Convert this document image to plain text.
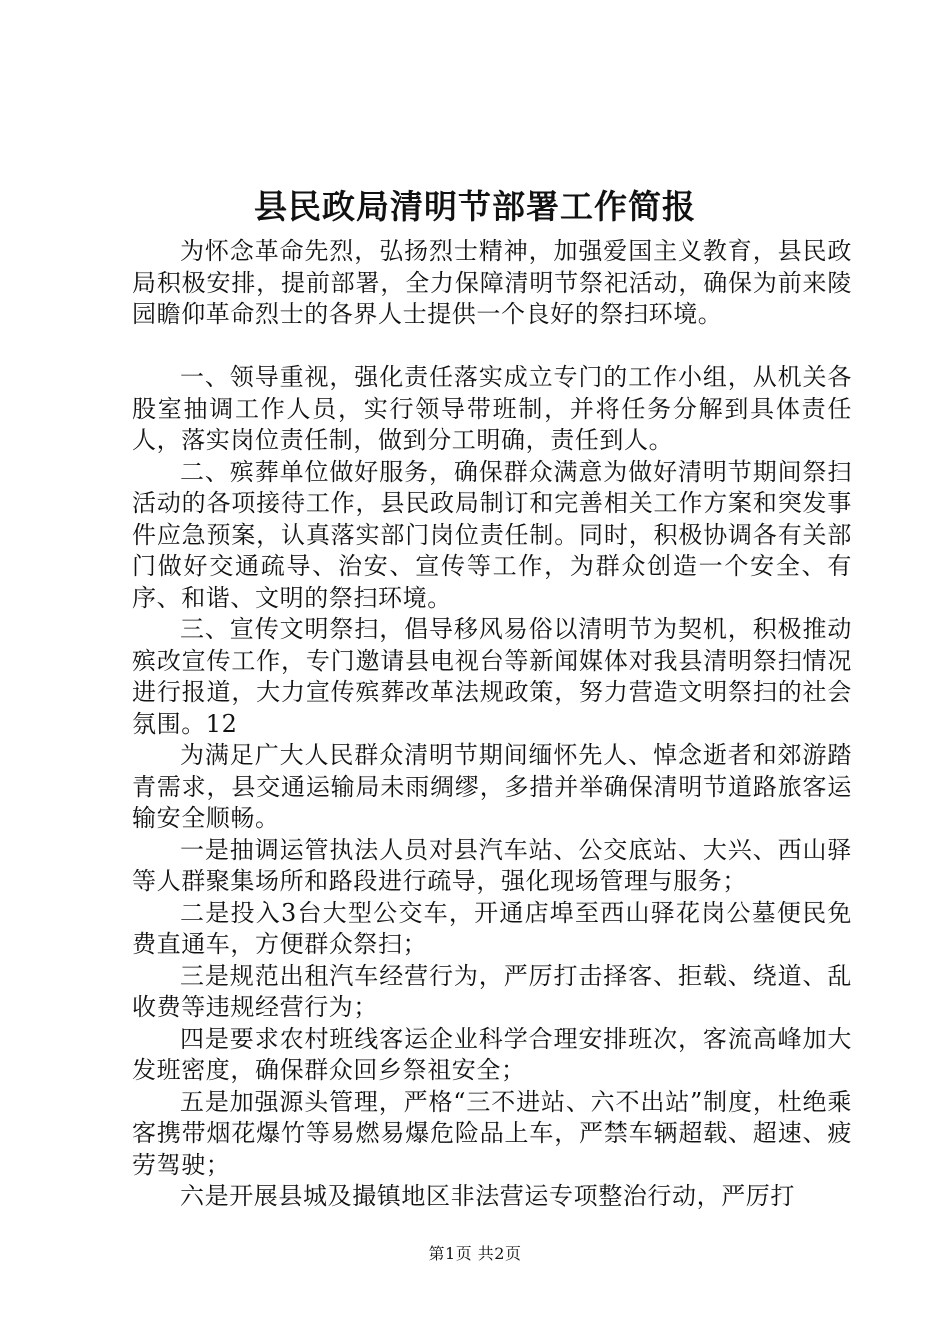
县民政局清明节部署工作简报

为怀念革命先烈，弘扬烈士精神，加强爱国主义教育，县民政局积极安排，提前部署，全力保障清明节祭祀活动，确保为前来陵园瞻仰革命烈士的各界人士提供一个良好的祭扫环境。

一、领导重视，强化责任落实成立专门的工作小组，从机关各股室抽调工作人员，实行领导带班制，并将任务分解到具体责任人，落实岗位责任制，做到分工明确，责任到人。

二、殡葬单位做好服务，确保群众满意为做好清明节期间祭扫活动的各项接待工作，县民政局制订和完善相关工作方案和突发事件应急预案，认真落实部门岗位责任制。同时，积极协调各有关部门做好交通疏导、治安、宣传等工作，为群众创造一个安全、有序、和谐、文明的祭扫环境。

三、宣传文明祭扫，倡导移风易俗以清明节为契机，积极推动殡改宣传工作，专门邀请县电视台等新闻媒体对我县清明祭扫情况进行报道，大力宣传殡葬改革法规政策，努力营造文明祭扫的社会氛围。12

为满足广大人民群众清明节期间缅怀先人、悼念逝者和郊游踏青需求，县交通运输局未雨绸缪，多措并举确保清明节道路旅客运输安全顺畅。

一是抽调运管执法人员对县汽车站、公交底站、大兴、西山驿等人群聚集场所和路段进行疏导，强化现场管理与服务；

二是投入3台大型公交车，开通店埠至西山驿花岗公墓便民免费直通车，方便群众祭扫；

三是规范出租汽车经营行为，严厉打击择客、拒载、绕道、乱收费等违规经营行为；

四是要求农村班线客运企业科学合理安排班次，客流高峰加大发班密度，确保群众回乡祭祖安全；

五是加强源头管理，严格“三不进站、六不出站”制度，杜绝乘客携带烟花爆竹等易燃易爆危险品上车，严禁车辆超载、超速、疲劳驾驶；

六是开展县城及撮镇地区非法营运专项整治行动，严厉打

第1页 共2页
